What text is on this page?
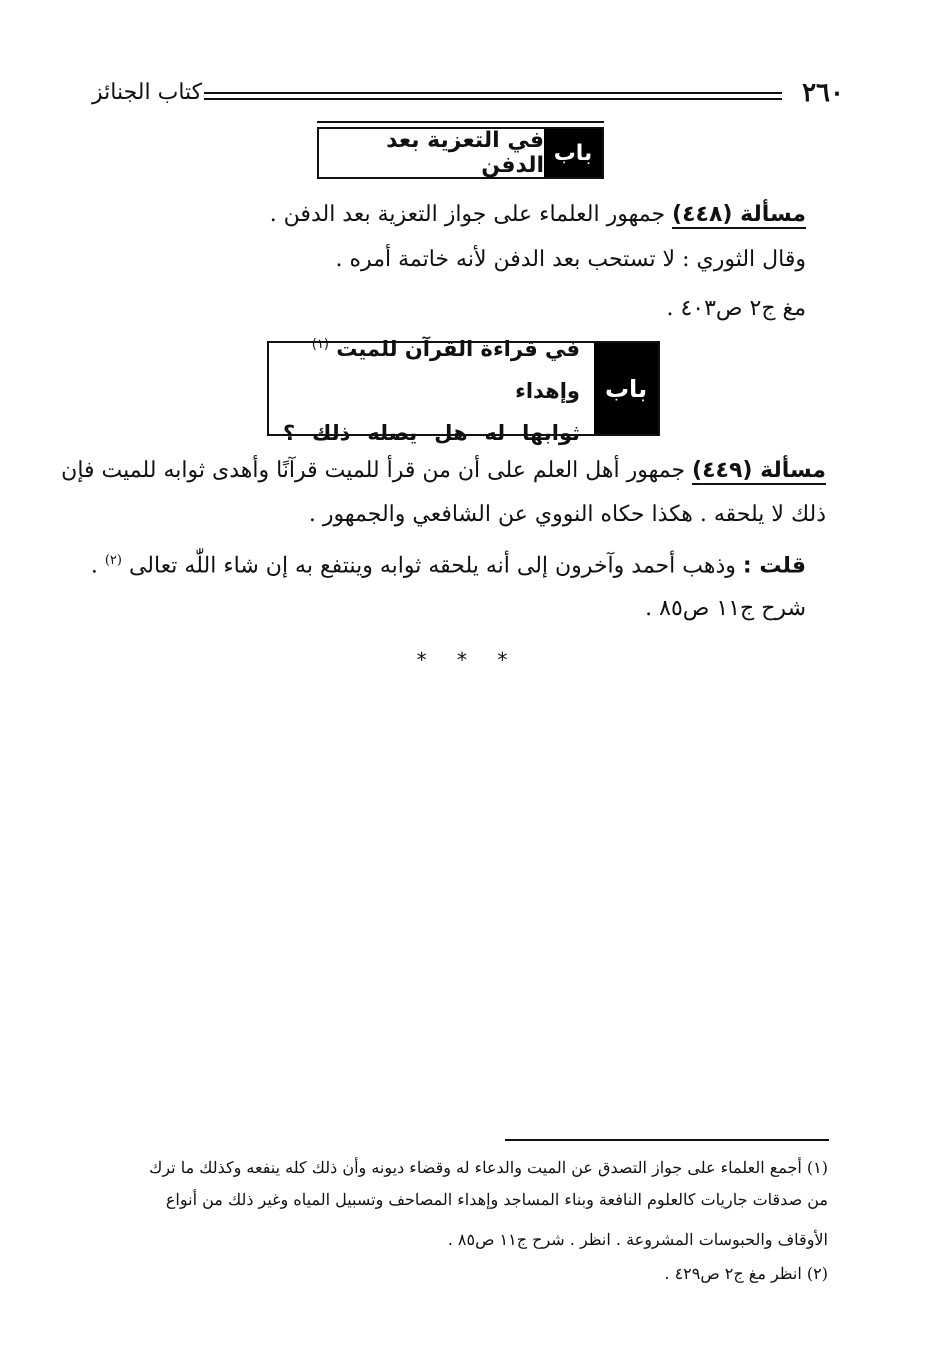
٢٦٠
كتاب الجنائز
باب
في التعزية بعد الدفن
مسألة (٤٤٨) جمهور العلماء على جواز التعزية بعد الدفن .
وقال الثوري : لا تستحب بعد الدفن لأنه خاتمة أمره .
مغ ج٢ ص٤٠٣ .
باب
في قراءة القرآن للميت $^{(١)}$ وإهداء
ثوابها له هل يصله ذلك ؟
مسألة (٤٤٩) جمهور أهل العلم على أن من قرأ للميت قرآنًا وأهدى ثوابه للميت فإن
ذلك لا يلحقه . هكذا حكاه النووي عن الشافعي والجمهور .
قلت : وذهب أحمد وآخرون إلى أنه يلحقه ثوابه وينتفع به إن شاء اللّٰه تعالى $^{(٢)}$ .
شرح ج١١ ص٨٥ .
* * *
(١) أجمع العلماء على جواز التصدق عن الميت والدعاء له وقضاء ديونه وأن ذلك كله ينفعه وكذلك ما ترك
من صدقات جاريات كالعلوم النافعة وبناء المساجد وإهداء المصاحف وتسبيل المياه وغير ذلك من أنواع
الأوقاف والحبوسات المشروعة . انظر . شرح ج١١ ص٨٥ .
(٢) انظر مغ ج٢ ص٤٢٩ .
